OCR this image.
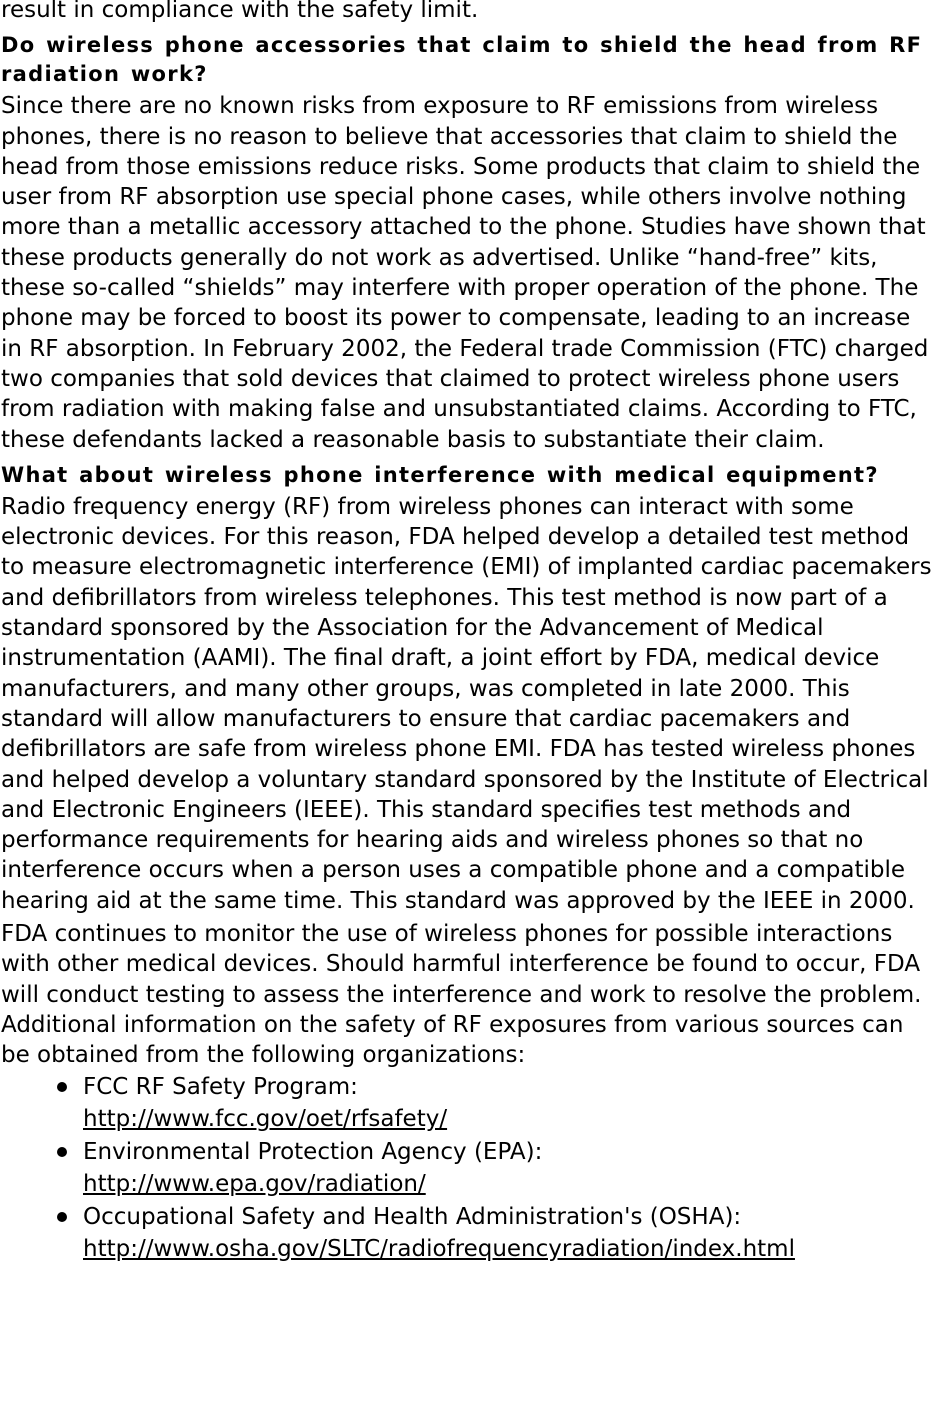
result in compliance with the safety limit.

Do wireless phone accessories that claim to shield the head from RF radiation work?

Since there are no known risks from exposure to RF emissions from wireless phones, there is no reason to believe that accessories that claim to shield the head from those emissions reduce risks. Some products that claim to shield the user from RF absorption use special phone cases, while others involve nothing more than a metallic accessory attached to the phone. Studies have shown that these products generally do not work as advertised. Unlike “hand-free” kits, these so-called “shields” may interfere with proper operation of the phone. The phone may be forced to boost its power to compensate, leading to an increase in RF absorption. In February 2002, the Federal trade Commission (FTC) charged two companies that sold devices that claimed to protect wireless phone users from radiation with making false and unsubstantiated claims. According to FTC, these defendants lacked a reasonable basis to substantiate their claim.

What about wireless phone interference with medical equipment?

Radio frequency energy (RF) from wireless phones can interact with some electronic devices. For this reason, FDA helped develop a detailed test method to measure electromagnetic interference (EMI) of implanted cardiac pacemakers and defibrillators from wireless telephones. This test method is now part of a standard sponsored by the Association for the Advancement of Medical instrumentation (AAMI). The final draft, a joint effort by FDA, medical device manufacturers, and many other groups, was completed in late 2000. This standard will allow manufacturers to ensure that cardiac pacemakers and defibrillators are safe from wireless phone EMI. FDA has tested wireless phones and helped develop a voluntary standard sponsored by the Institute of Electrical and Electronic Engineers (IEEE). This standard specifies test methods and performance requirements for hearing aids and wireless phones so that no interference occurs when a person uses a compatible phone and a compatible hearing aid at the same time. This standard was approved by the IEEE in 2000.

FDA continues to monitor the use of wireless phones for possible interactions with other medical devices. Should harmful interference be found to occur, FDA will conduct testing to assess the interference and work to resolve the problem.

Additional information on the safety of RF exposures from various sources can be obtained from the following organizations:

FCC RF Safety Program:
http://www.fcc.gov/oet/rfsafety/
Environmental Protection Agency (EPA):
http://www.epa.gov/radiation/
Occupational Safety and Health Administration's (OSHA):
http://www.osha.gov/SLTC/radiofrequencyradiation/index.html
